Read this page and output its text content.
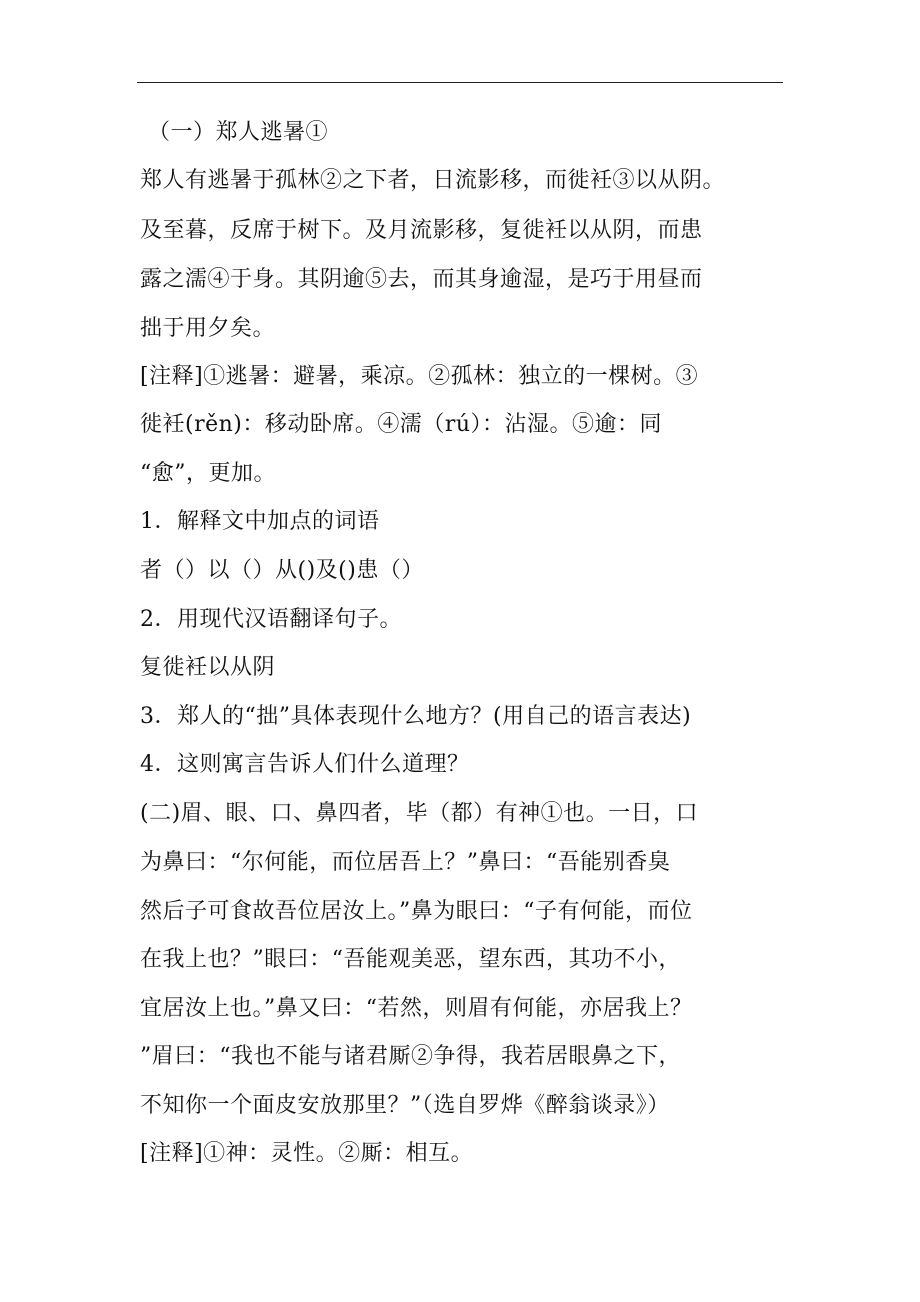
（一）郑人逃暑①
郑人有逃暑于孤林②之下者，日流影移，而徙衽③以从阴。
及至暮，反席于树下。及月流影移，复徙衽以从阴，而患
露之濡④于身。其阴逾⑤去，而其身逾湿，是巧于用昼而
拙于用夕矣。
[注释]①逃暑：避暑，乘凉。②孤林：独立的一棵树。③
徙衽(rěn)：移动卧席。④濡（rú）：沾湿。⑤逾：同
“愈”，更加。
1．解释文中加点的词语
者（）以（）从()及()患（）
2．用现代汉语翻译句子。
复徙衽以从阴
3．郑人的“拙”具体表现什么地方？(用自己的语言表达)
4．这则寓言告诉人们什么道理？
(二)眉、眼、口、鼻四者，毕（都）有神①也。一日，口
为鼻曰：“尔何能，而位居吾上？”鼻曰：“吾能别香臭
然后子可食故吾位居汝上。”鼻为眼曰：“子有何能，而位
在我上也？”眼曰：“吾能观美恶，望东西，其功不小，
宜居汝上也。”鼻又曰：“若然，则眉有何能，亦居我上？
”眉曰：“我也不能与诸君厮②争得，我若居眼鼻之下，
不知你一个面皮安放那里？”（选自罗烨《醉翁谈录》）
[注释]①神：灵性。②厮：相互。
